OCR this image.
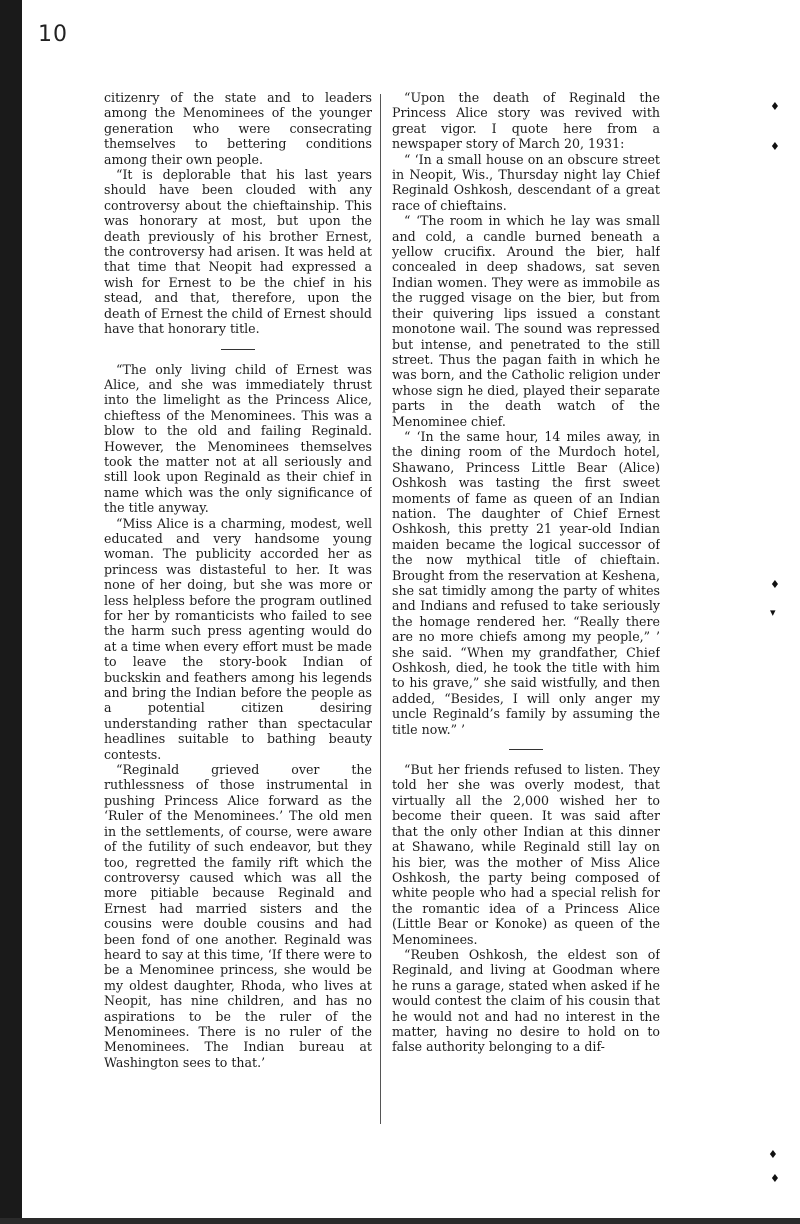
10

citizenry of the state and to leaders among the Menominees of the younger generation who were consecrating themselves to bettering conditions among their own people.

“It is deplorable that his last years should have been clouded with any controversy about the chieftainship. This was honorary at most, but upon the death previously of his brother Ernest, the controversy had arisen. It was held at that time that Neopit had expressed a wish for Ernest to be the chief in his stead, and that, therefore, upon the death of Ernest the child of Ernest should have that honorary title.

“The only living child of Ernest was Alice, and she was immediately thrust into the limelight as the Princess Alice, chieftess of the Menominees. This was a blow to the old and failing Reginald. However, the Menominees themselves took the matter not at all seriously and still look upon Reginald as their chief in name which was the only significance of the title anyway.

“Miss Alice is a charming, modest, well educated and very handsome young woman. The publicity accorded her as princess was distasteful to her. It was none of her doing, but she was more or less helpless before the program outlined for her by romanticists who failed to see the harm such press agenting would do at a time when every effort must be made to leave the story-book Indian of buckskin and feathers among his legends and bring the Indian before the people as a potential citizen desiring understanding rather than spectacular headlines suitable to bathing beauty contests.

“Reginald grieved over the ruthlessness of those instrumental in pushing Princess Alice forward as the ‘Ruler of the Menominees.’ The old men in the settlements, of course, were aware of the futility of such endeavor, but they too, regretted the family rift which the controversy caused which was all the more pitiable because Reginald and Ernest had married sisters and the cousins were double cousins and had been fond of one another. Reginald was heard to say at this time, ‘If there were to be a Menominee princess, she would be my oldest daughter, Rhoda, who lives at Neopit, has nine children, and has no aspirations to be the ruler of the Menominees. There is no ruler of the Menominees. The Indian bureau at Washington sees to that.’

“Upon the death of Reginald the Princess Alice story was revived with great vigor. I quote here from a newspaper story of March 20, 1931:

“ ‘In a small house on an obscure street in Neopit, Wis., Thursday night lay Chief Reginald Oshkosh, descendant of a great race of chieftains.

“ ‘The room in which he lay was small and cold, a candle burned beneath a yellow crucifix. Around the bier, half concealed in deep shadows, sat seven Indian women. They were as immobile as the rugged visage on the bier, but from their quivering lips issued a constant monotone wail. The sound was repressed but intense, and penetrated to the still street. Thus the pagan faith in which he was born, and the Catholic religion under whose sign he died, played their separate parts in the death watch of the Menominee chief.

“ ‘In the same hour, 14 miles away, in the dining room of the Murdoch hotel, Shawano, Princess Little Bear (Alice) Oshkosh was tasting the first sweet moments of fame as queen of an Indian nation. The daughter of Chief Ernest Oshkosh, this pretty 21 year-old Indian maiden became the logical successor of the now mythical title of chieftain. Brought from the reservation at Keshena, she sat timidly among the party of whites and Indians and refused to take seriously the homage rendered her. “Really there are no more chiefs among my people,” ’ she said. “When my grandfather, Chief Oshkosh, died, he took the title with him to his grave,” she said wistfully, and then added, “Besides, I will only anger my uncle Reginald’s family by assuming the title now.” ’

“But her friends refused to listen. They told her she was overly modest, that virtually all the 2,000 wished her to become their queen. It was said after that the only other Indian at this dinner at Shawano, while Reginald still lay on his bier, was the mother of Miss Alice Oshkosh, the party being composed of white people who had a special relish for the romantic idea of a Princess Alice (Little Bear or Konoke) as queen of the Menominees.

“Reuben Oshkosh, the eldest son of Reginald, and living at Goodman where he runs a garage, stated when asked if he would contest the claim of his cousin that he would not and had no interest in the matter, having no desire to hold on to false authority belonging to a dif-

♦
♦
♦
▾
♦
♦
